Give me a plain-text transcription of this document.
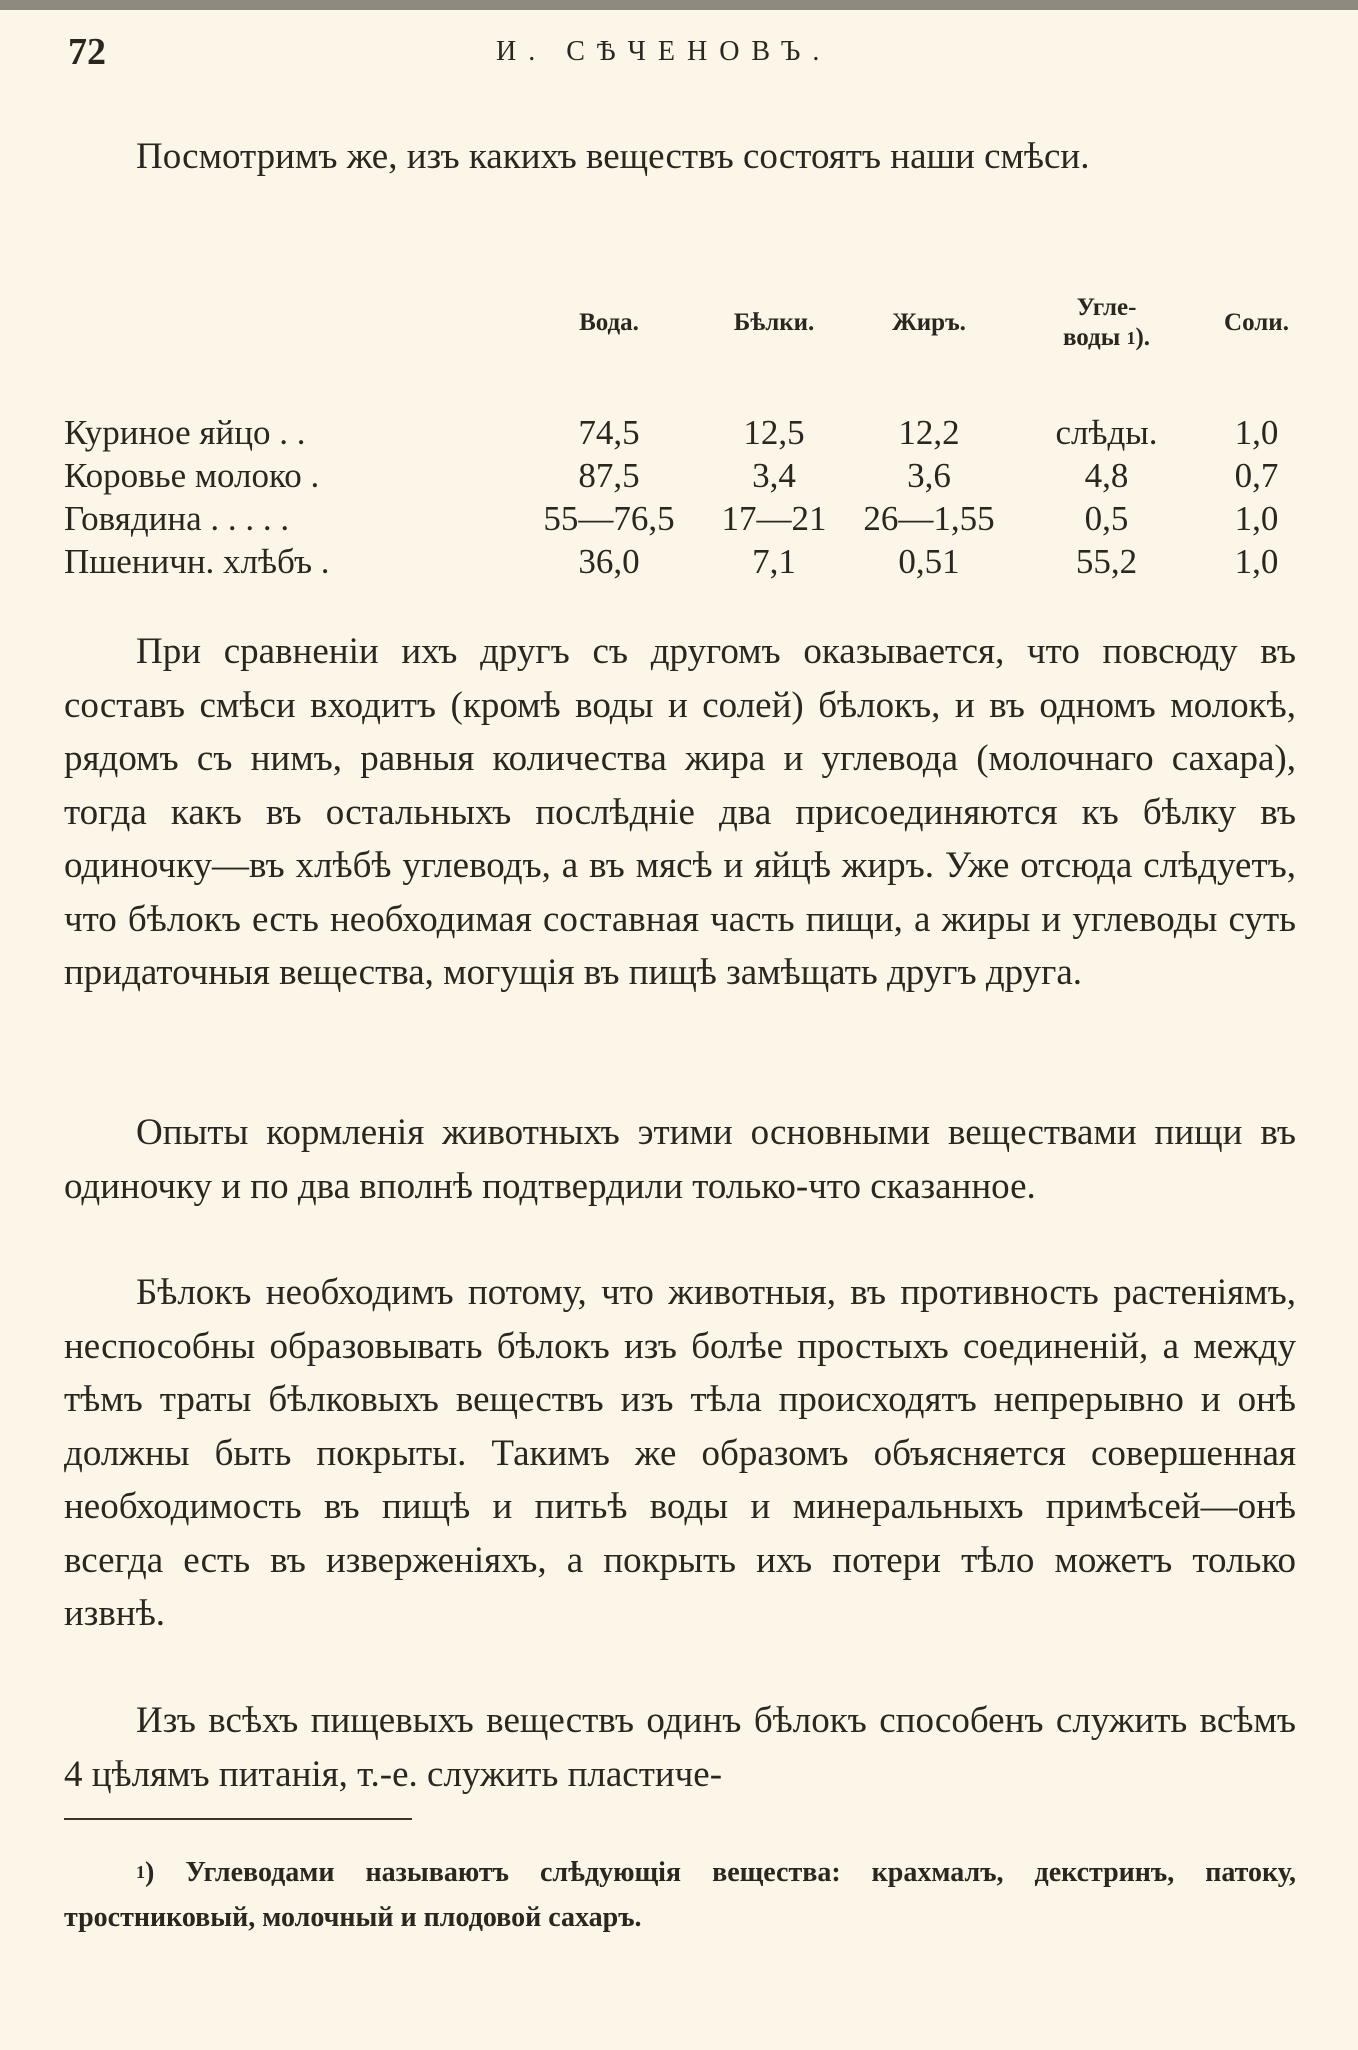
72	И. СѢЧЕНОВЪ.

Посмотримъ же, изъ какихъ веществъ состоятъ наши смѣси.

	Вода.	Бѣлки.	Жиръ.	Угле-
воды $^1$).	Соли.

Куриное яйцо . .	74,5	12,5	12,2	слѣды.	1,0
Коровье молоко .	87,5	3,4	3,6	4,8	0,7
Говядина . . . . .	55—76,5	17—21	26—1,55	0,5	1,0
Пшеничн. хлѣбъ .	36,0	7,1	0,51	55,2	1,0

При сравненіи ихъ другъ съ другомъ оказывается, что повсюду въ составъ смѣси входитъ (кромѣ воды и солей) бѣлокъ, и въ одномъ молокѣ, рядомъ съ нимъ, равныя количества жира и углевода (молочнаго сахара), тогда какъ въ остальныхъ послѣдніе два присоединяются къ бѣлку въ одиночку—въ хлѣбѣ углеводъ, а въ мясѣ и яйцѣ жиръ. Уже отсюда слѣдуетъ, что бѣлокъ есть необходимая составная часть пищи, а жиры и углеводы суть придаточныя вещества, могущія въ пищѣ замѣщать другъ друга.

Опыты кормленія животныхъ этими основными веществами пищи въ одиночку и по два вполнѣ подтвердили только-что сказанное.

Бѣлокъ необходимъ потому, что животныя, въ противность растеніямъ, неспособны образовывать бѣлокъ изъ болѣе простыхъ соединеній, а между тѣмъ траты бѣлковыхъ веществъ изъ тѣла происходятъ непрерывно и онѣ должны быть покрыты. Такимъ же образомъ объясняется совершенная необходимость въ пищѣ и питьѣ воды и минеральныхъ примѣсей—онѣ всегда есть въ изверженіяхъ, а покрыть ихъ потери тѣло можетъ только извнѣ.

Изъ всѣхъ пищевыхъ веществъ одинъ бѣлокъ способенъ служить всѣмъ 4 цѣлямъ питанія, т.-е. служить пластиче-

$^1$) Углеводами называютъ слѣдующія вещества: крахмалъ, декстринъ, патоку, тростниковый, молочный и плодовой сахаръ.
